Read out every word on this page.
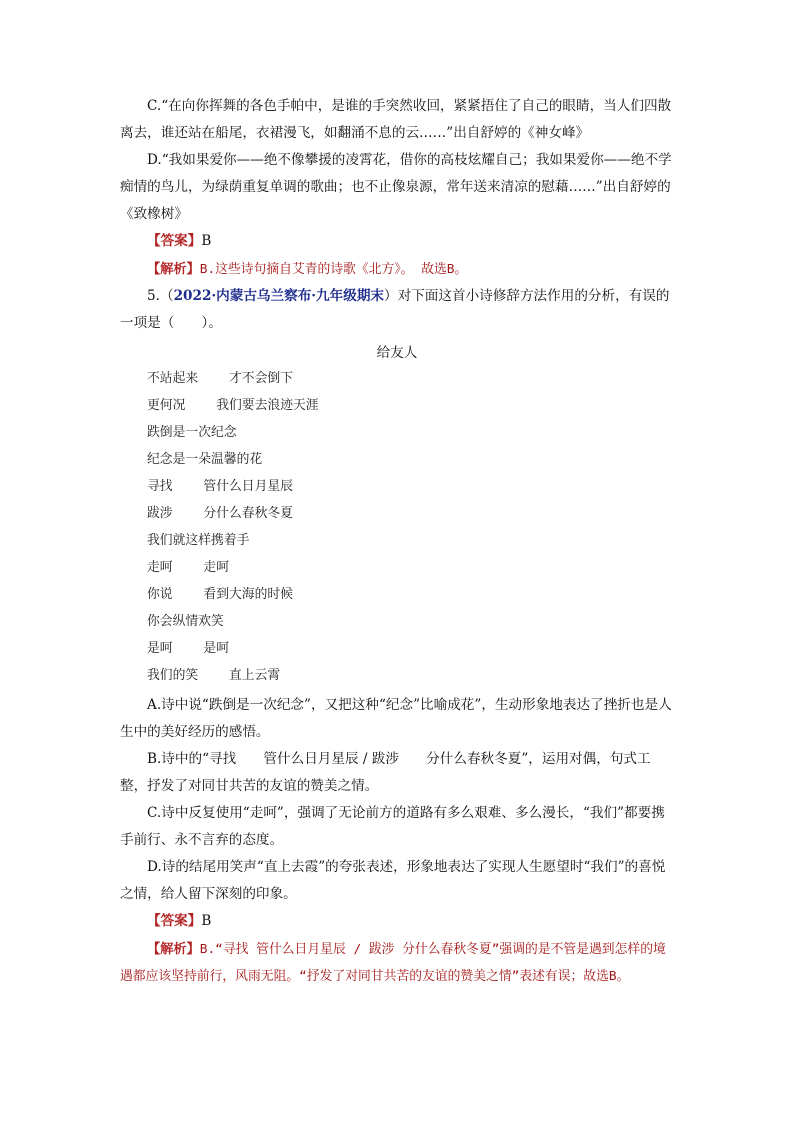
C.“在向你挥舞的各色手帕中，是谁的手突然收回，紧紧捂住了自己的眼睛，当人们四散离去，谁还站在船尾，衣裙漫飞，如翻涌不息的云……”出自舒婷的《神女峰》

D.“我如果爱你——绝不像攀援的凌霄花，借你的高枝炫耀自己；我如果爱你——绝不学痴情的鸟儿，为绿荫重复单调的歌曲；也不止像泉源，常年送来清凉的慰藉……”出自舒婷的《致橡树》

【答案】B
【解析】B.这些诗句摘自艾青的诗歌《北方》。 故选B。

5.（2022·内蒙古乌兰察布·九年级期末）对下面这首小诗修辞方法作用的分析，有误的一项是（　　）。

给友人
不站起来    才不会倒下
更何况    我们要去浪迹天涯
跌倒是一次纪念
纪念是一朵温馨的花
寻找    管什么日月星辰
跋涉    分什么春秋冬夏
我们就这样携着手
走呵    走呵
你说    看到大海的时候
你会纵情欢笑
是呵    是呵
我们的笑    直上云霄

A.诗中说“跌倒是一次纪念”，又把这种“纪念”比喻成花”，生动形象地表达了挫折也是人生中的美好经历的感悟。

B.诗中的“寻找　　管什么日月星辰 / 跋涉　　分什么春秋冬夏”，运用对偶，句式工整，抒发了对同甘共苦的友谊的赞美之情。

C.诗中反复使用“走呵”，强调了无论前方的道路有多么艰难、多么漫长，“我们”都要携手前行、永不言弃的态度。

D.诗的结尾用笑声“直上去霞”的夸张表述，形象地表达了实现人生愿望时“我们”的喜悦之情，给人留下深刻的印象。

【答案】B
【解析】B.“寻找 管什么日月星辰 / 跋涉 分什么春秋冬夏”强调的是不管是遇到怎样的境遇都应该坚持前行，风雨无阻。“抒发了对同甘共苦的友谊的赞美之情”表述有误；故选B。
